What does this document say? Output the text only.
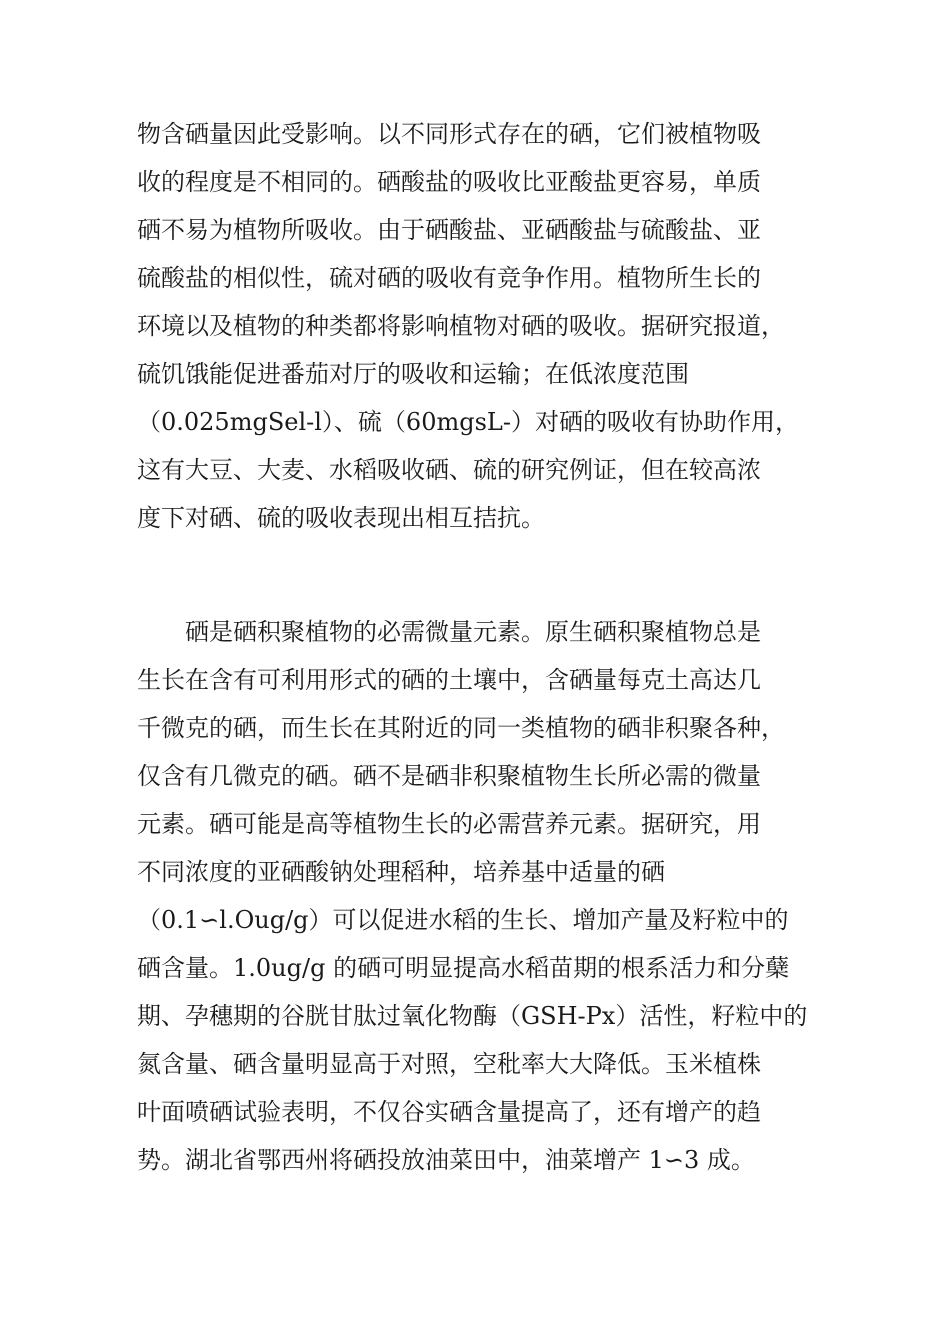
物含硒量因此受影响。以不同形式存在的硒，它们被植物吸
收的程度是不相同的。硒酸盐的吸收比亚酸盐更容易，单质
硒不易为植物所吸收。由于硒酸盐、亚硒酸盐与硫酸盐、亚
硫酸盐的相似性，硫对硒的吸收有竞争作用。植物所生长的
环境以及植物的种类都将影响植物对硒的吸收。据研究报道，
硫饥饿能促进番茄对厅的吸收和运输；在低浓度范围
（0.025mgSel-l）、硫（60mgsL-）对硒的吸收有协助作用，
这有大豆、大麦、水稻吸收硒、硫的研究例证，但在较高浓
度下对硒、硫的吸收表现出相互拮抗。
　　硒是硒积聚植物的必需微量元素。原生硒积聚植物总是
生长在含有可利用形式的硒的土壤中，含硒量每克土高达几
千微克的硒，而生长在其附近的同一类植物的硒非积聚各种，
仅含有几微克的硒。硒不是硒非积聚植物生长所必需的微量
元素。硒可能是高等植物生长的必需营养元素。据研究，用
不同浓度的亚硒酸钠处理稻种，培养基中适量的硒
（0.1∽l.Oug/g）可以促进水稻的生长、增加产量及籽粒中的
硒含量。1.0ug/g 的硒可明显提高水稻苗期的根系活力和分蘖
期、孕穗期的谷胱甘肽过氧化物酶（GSH-Px）活性，籽粒中的
氮含量、硒含量明显高于对照，空秕率大大降低。玉米植株
叶面喷硒试验表明，不仅谷实硒含量提高了，还有增产的趋
势。湖北省鄂西州将硒投放油菜田中，油菜增产 1∽3 成。
